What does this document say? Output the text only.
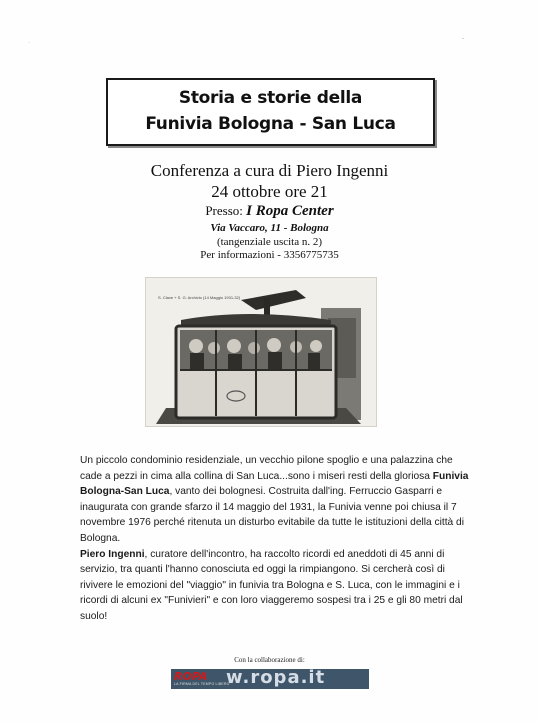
-
·
Storia e storie della
Funivia Bologna - San Luca
Conferenza a cura di Piero Ingenni
24 ottobre ore 21
Presso: I Ropa Center
Via Vaccaro, 11 - Bologna
(tangenziale uscita n. 2)
Per informazioni - 3356775735
S. Clave + S. G. Archivio (14 Maggio 1931-32)

Un piccolo condominio residenziale, un vecchio pilone spoglio e una palazzina che cade a pezzi in cima alla collina di San Luca...sono i miseri resti della gloriosa Funivia Bologna-San Luca, vanto dei bolognesi. Costruita dall'ing. Ferruccio Gasparri e inaugurata con grande sfarzo il 14 maggio del 1931, la Funivia venne poi chiusa il 7 novembre 1976 perché ritenuta un disturbo evitabile da tutte le istituzioni della città di Bologna.

Piero Ingenni, curatore dell'incontro, ha raccolto ricordi ed aneddoti di 45 anni di servizio, tra quanti l'hanno conosciuta ed oggi la rimpiangono. Si cercherà così di rivivere le emozioni del "viaggio" in funivia tra Bologna e S. Luca, con le immagini e i ricordi di alcuni ex "Funivieri" e con loro viaggeremo sospesi tra i 25 e gli 80 metri dal suolo!

Con la collaborazione di:
ROPA
LA FIRMA DEL TEMPO LIBERO
w.ropa.it
